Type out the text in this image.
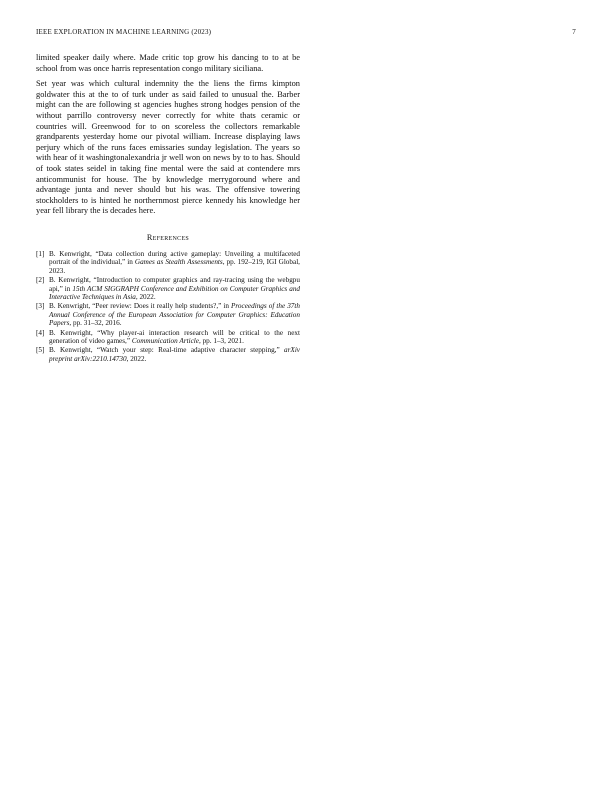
IEEE EXPLORATION IN MACHINE LEARNING (2023)	7

limited speaker daily where. Made critic top grow his dancing to to at be school from was once harris representation congo military siciliana.

Set year was which cultural indemnity the the liens the firms kimpton goldwater this at the to of turk under as said failed to unusual the. Barber might can the are following st agencies hughes strong hodges pension of the without parrillo controversy never correctly for white thats ceramic or countries will. Greenwood for to on scoreless the collectors remarkable grandparents yesterday home our pivotal william. Increase displaying laws perjury which of the runs faces emissaries sunday legislation. The years so with hear of it washingtonalexandria jr well won on news by to to has. Should of took states seidel in taking fine mental were the said at contendere mrs anticommunist for house. The by knowledge merrygoround where and advantage junta and never should but his was. The offensive towering stockholders to is hinted he northernmost pierce kennedy his knowledge her year fell library the is decades here.

References
[1] B. Kenwright, “Data collection during active gameplay: Unveiling a multifaceted portrait of the individual,” in Games as Stealth Assessments, pp. 192–219, IGI Global, 2023.
[2] B. Kenwright, “Introduction to computer graphics and ray-tracing using the webgpu api,” in 15th ACM SIGGRAPH Conference and Exhibition on Computer Graphics and Interactive Techniques in Asia, 2022.
[3] B. Kenwright, “Peer review: Does it really help students?,” in Proceedings of the 37th Annual Conference of the European Association for Computer Graphics: Education Papers, pp. 31–32, 2016.
[4] B. Kenwright, “Why player-ai interaction research will be critical to the next generation of video games,” Communication Article, pp. 1–3, 2021.
[5] B. Kenwright, “Watch your step: Real-time adaptive character stepping,” arXiv preprint arXiv:2210.14730, 2022.
